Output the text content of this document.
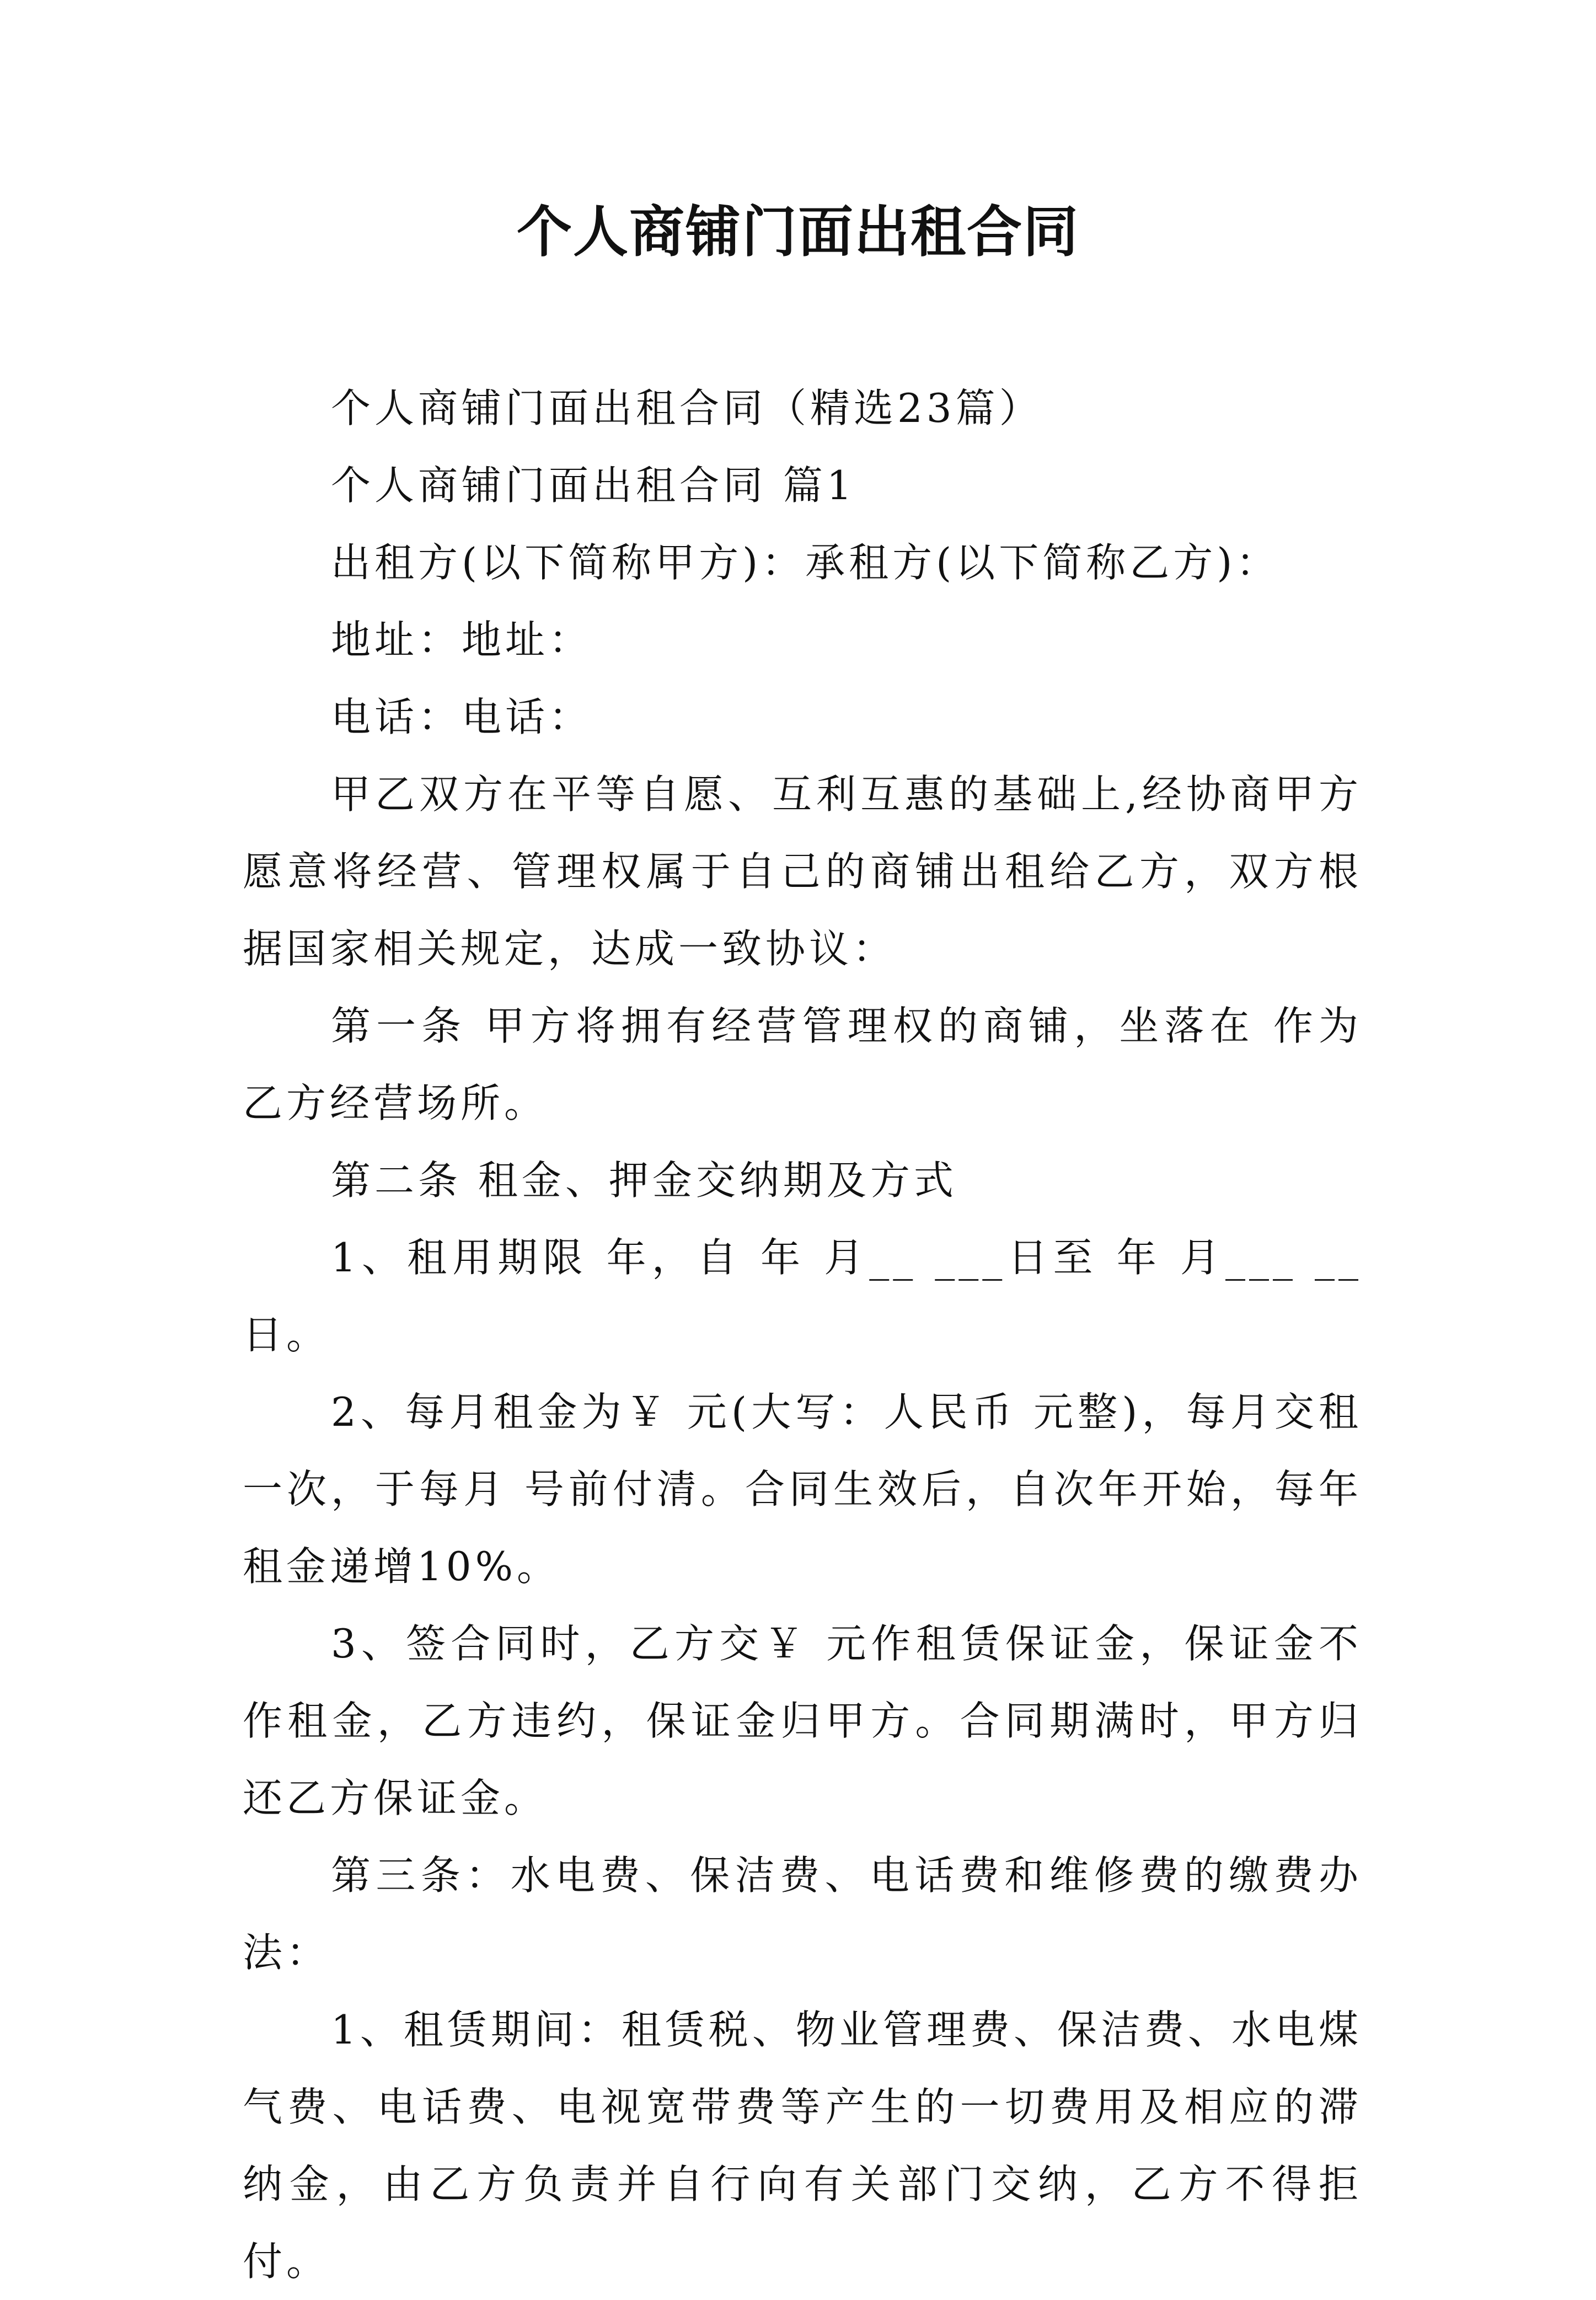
个人商铺门面出租合同

个人商铺门面出租合同（精选23篇）

个人商铺门面出租合同 篇1

出租方(以下简称甲方)：承租方(以下简称乙方)：

地址：地址：

电话：电话：

甲乙双方在平等自愿、互利互惠的基础上,经协商甲方愿意将经营、管理权属于自己的商铺出租给乙方，双方根据国家相关规定，达成一致协议：

第一条 甲方将拥有经营管理权的商铺，坐落在 作为乙方经营场所。

第二条 租金、押金交纳期及方式

1、租用期限 年，自 年 月__ ___日至 年 月___ __日。

2、每月租金为￥ 元(大写：人民币 元整)，每月交租一次，于每月 号前付清。合同生效后，自次年开始，每年租金递增10%。

3、签合同时，乙方交￥ 元作租赁保证金，保证金不作租金，乙方违约，保证金归甲方。合同期满时，甲方归还乙方保证金。

第三条：水电费、保洁费、电话费和维修费的缴费办法：

1、租赁期间：租赁税、物业管理费、保洁费、水电煤气费、电话费、电视宽带费等产生的一切费用及相应的滞纳金，由乙方负责并自行向有关部门交纳，乙方不得拒付。
